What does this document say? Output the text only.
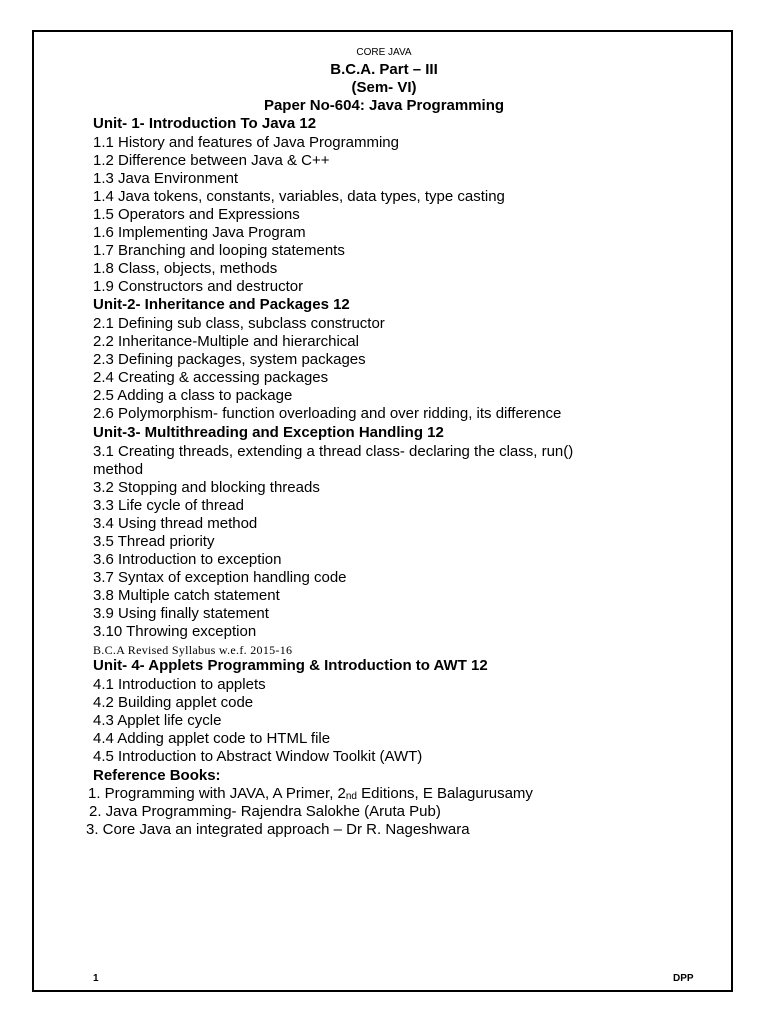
CORE JAVA
B.C.A. Part – III
(Sem- VI)
Paper No-604: Java Programming
Unit- 1- Introduction To Java 12
1.1 History and features of Java Programming
1.2 Difference between Java & C++
1.3 Java Environment
1.4 Java tokens, constants, variables, data types, type casting
1.5 Operators and Expressions
1.6 Implementing Java Program
1.7 Branching and looping statements
1.8 Class, objects, methods
1.9 Constructors and destructor
Unit-2- Inheritance and Packages 12
2.1 Defining sub class, subclass constructor
2.2 Inheritance-Multiple and hierarchical
2.3 Defining packages, system packages
2.4 Creating & accessing packages
2.5 Adding a class to package
2.6 Polymorphism- function overloading and over ridding, its difference
Unit-3- Multithreading and Exception Handling 12
3.1 Creating threads, extending a thread class- declaring the class, run()
method
3.2 Stopping and blocking threads
3.3 Life cycle of thread
3.4 Using thread method
3.5 Thread priority
3.6 Introduction to exception
3.7 Syntax of exception handling code
3.8 Multiple catch statement
3.9 Using finally statement
3.10 Throwing exception
B.C.A Revised Syllabus w.e.f. 2015-16
Unit- 4- Applets Programming & Introduction to AWT 12
4.1 Introduction to applets
4.2 Building applet code
4.3 Applet life cycle
4.4 Adding applet code to HTML file
4.5 Introduction to Abstract Window Toolkit (AWT)
Reference Books:
1. Programming with JAVA, A Primer, $2_{nd}$ Editions, E Balagurusamy
2. Java Programming- Rajendra Salokhe (Aruta Pub)
3. Core Java an integrated approach – Dr R. Nageshwara
1	DPP
